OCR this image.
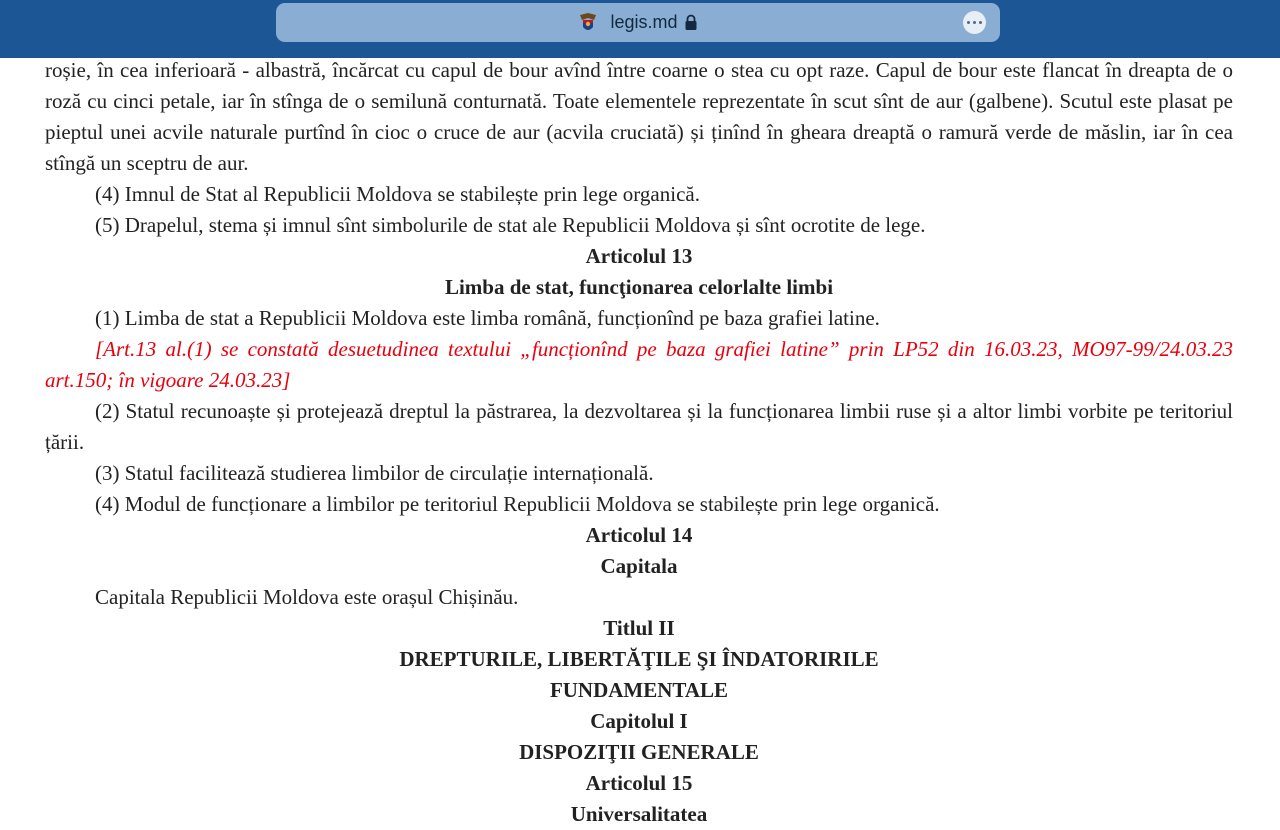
legis.md

roșie, în cea inferioară - albastră, încărcat cu capul de bour avînd între coarne o stea cu opt raze. Capul de bour este flancat în dreapta de o roză cu cinci petale, iar în stînga de o semilună conturnată. Toate elementele reprezentate în scut sînt de aur (galbene). Scutul este plasat pe pieptul unei acvile naturale purtînd în cioc o cruce de aur (acvila cruciată) și ținînd în gheara dreaptă o ramură verde de măslin, iar în cea stîngă un sceptru de aur.

(4) Imnul de Stat al Republicii Moldova se stabilește prin lege organică.

(5) Drapelul, stema și imnul sînt simbolurile de stat ale Republicii Moldova și sînt ocrotite de lege.

Articolul 13

Limba de stat, funcţionarea celorlalte limbi

(1) Limba de stat a Republicii Moldova este limba română, funcționînd pe baza grafiei latine.

[Art.13 al.(1) se constată desuetudinea textului „funcționînd pe baza grafiei latine” prin LP52 din 16.03.23, MO97-99/24.03.23 art.150; în vigoare 24.03.23]

(2) Statul recunoaște și protejează dreptul la păstrarea, la dezvoltarea și la funcționarea limbii ruse și a altor limbi vorbite pe teritoriul țării.

(3) Statul facilitează studierea limbilor de circulație internațională.

(4) Modul de funcționare a limbilor pe teritoriul Republicii Moldova se stabilește prin lege organică.

Articolul 14

Capitala

Capitala Republicii Moldova este orașul Chișinău.

Titlul II

DREPTURILE, LIBERTĂŢILE ŞI ÎNDATORIRILE

FUNDAMENTALE

Capitolul I

DISPOZIŢII GENERALE

Articolul 15

Universalitatea
